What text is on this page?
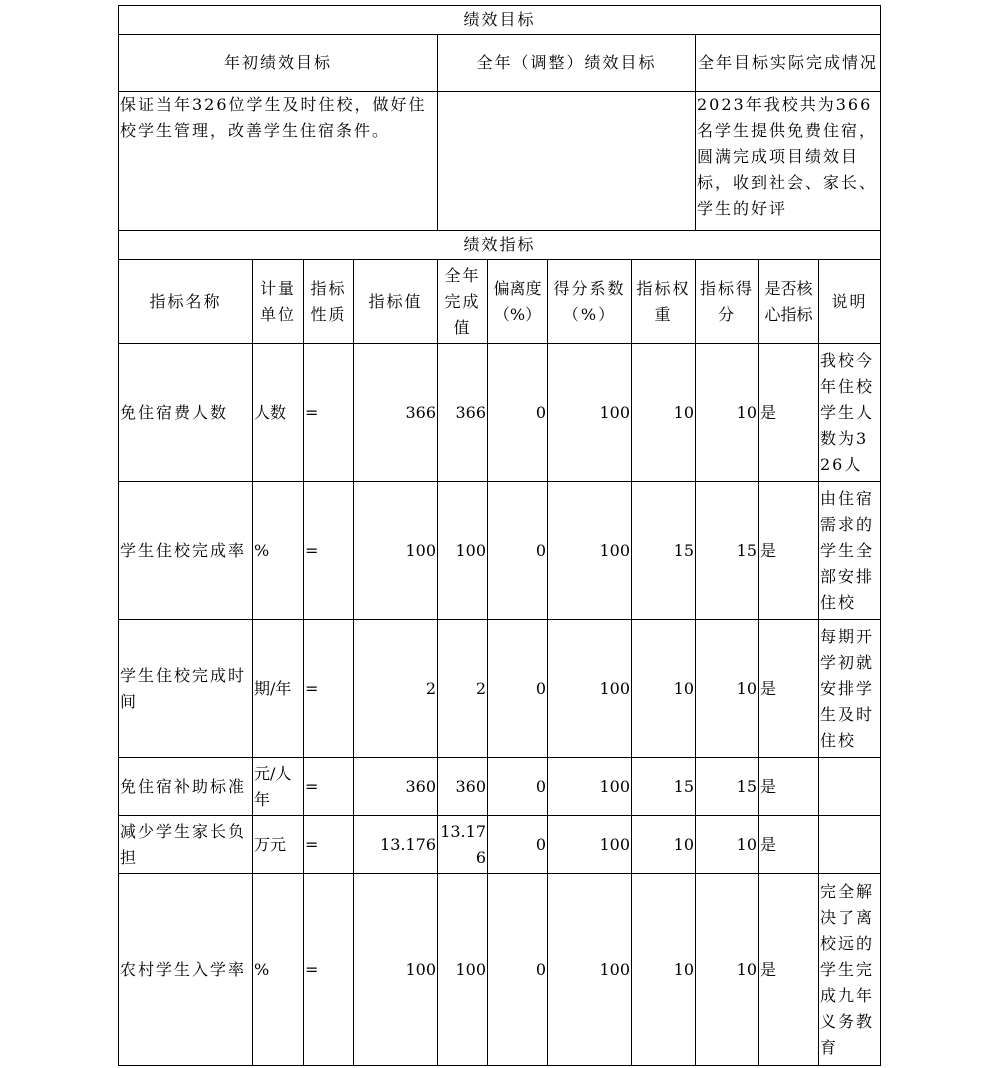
绩效目标										
年初绩效目标				全年（调整）绩效目标				全年目标实际完成情况		
保证当年326位学生及时住校，做好住校学生管理，改善学生住宿条件。								2023年我校共为366名学生提供免费住宿，圆满完成项目绩效目标，收到社会、家长、学生的好评		
绩效指标										
指标名称	计量单位	指标性质	指标值	全年完成值	偏离度（%）	得分系数（%）	指标权重	指标得分	是否核心指标	说明
免住宿费人数	人数	=	366	366	0	100	10	10	是	我校今年住校学生人数为326人
学生住校完成率	%	=	100	100	0	100	15	15	是	由住宿需求的学生全部安排住校
学生住校完成时间	期/年	=	2	2	0	100	10	10	是	每期开学初就安排学生及时住校
免住宿补助标准	元/人年	=	360	360	0	100	15	15	是	
减少学生家长负担	万元	=	13.176	13.176	0	100	10	10	是	
农村学生入学率	%	=	100	100	0	100	10	10	是	完全解决了离校远的学生完成九年义务教育
